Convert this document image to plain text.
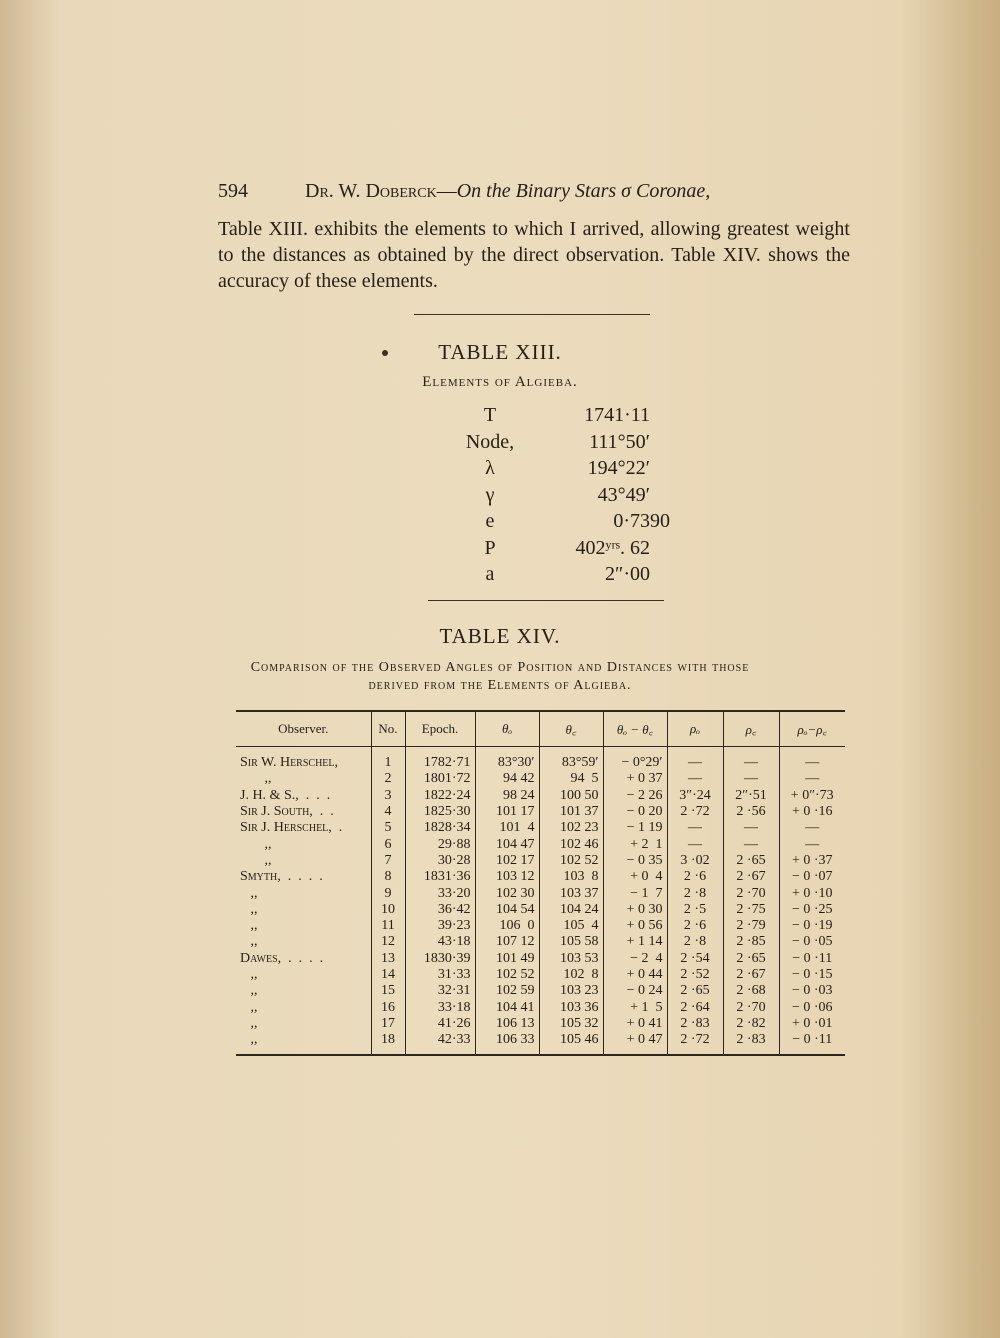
594	Dr. W. Doberck—On the Binary Stars σ Coronae,
Table XIII. exhibits the elements to which I arrived, allowing greatest weight to the distances as obtained by the direct observation. Table XIV. shows the accuracy of these elements.
TABLE XIII.
Elements of Algieba.
T	1741·11
Node,	111°50′
λ	194°22′
γ	43°49′
e	0·7390
P	402ʸʳˢ. 62
a	2″·00
TABLE XIV.
Comparison of the Observed Angles of Position and Distances with those
derived from the Elements of Algieba.
Observer.	No.	Epoch.	θₒ	θ꜀	θₒ − θ꜀	ρₒ	ρ꜀	ρₒ−ρ꜀
Sir W. Herschel,	1	1782·71	83°30′	83°59′	− 0°29′	—	—	—
,,	2	1801·72	94 42	94  5	+ 0 37	—	—	—
J. H. & S.,  .  .  .	3	1822·24	98 24	100 50	− 2 26	3″·24	2″·51	+ 0″·73
Sir J. South,  .  .	4	1825·30	101 17	101 37	− 0 20	2 ·72	2 ·56	+ 0 ·16
Sir J. Herschel,  .	5	1828·34	101  4	102 23	− 1 19	—	—	—
,,	6	29·88	104 47	102 46	+ 2  1	—	—	—
,,	7	30·28	102 17	102 52	− 0 35	3 ·02	2 ·65	+ 0 ·37
Smyth,  .  .  .  .	8	1831·36	103 12	103  8	+ 0  4	2 ·6	2 ·67	− 0 ·07
,,	9	33·20	102 30	103 37	− 1  7	2 ·8	2 ·70	+ 0 ·10
,,	10	36·42	104 54	104 24	+ 0 30	2 ·5	2 ·75	− 0 ·25
,,	11	39·23	106  0	105  4	+ 0 56	2 ·6	2 ·79	− 0 ·19
,,	12	43·18	107 12	105 58	+ 1 14	2 ·8	2 ·85	− 0 ·05
Dawes,  .  .  .  .	13	1830·39	101 49	103 53	− 2  4	2 ·54	2 ·65	− 0 ·11
,,	14	31·33	102 52	102  8	+ 0 44	2 ·52	2 ·67	− 0 ·15
,,	15	32·31	102 59	103 23	− 0 24	2 ·65	2 ·68	− 0 ·03
,,	16	33·18	104 41	103 36	+ 1  5	2 ·64	2 ·70	− 0 ·06
,,	17	41·26	106 13	105 32	+ 0 41	2 ·83	2 ·82	+ 0 ·01
,,	18	42·33	106 33	105 46	+ 0 47	2 ·72	2 ·83	− 0 ·11
